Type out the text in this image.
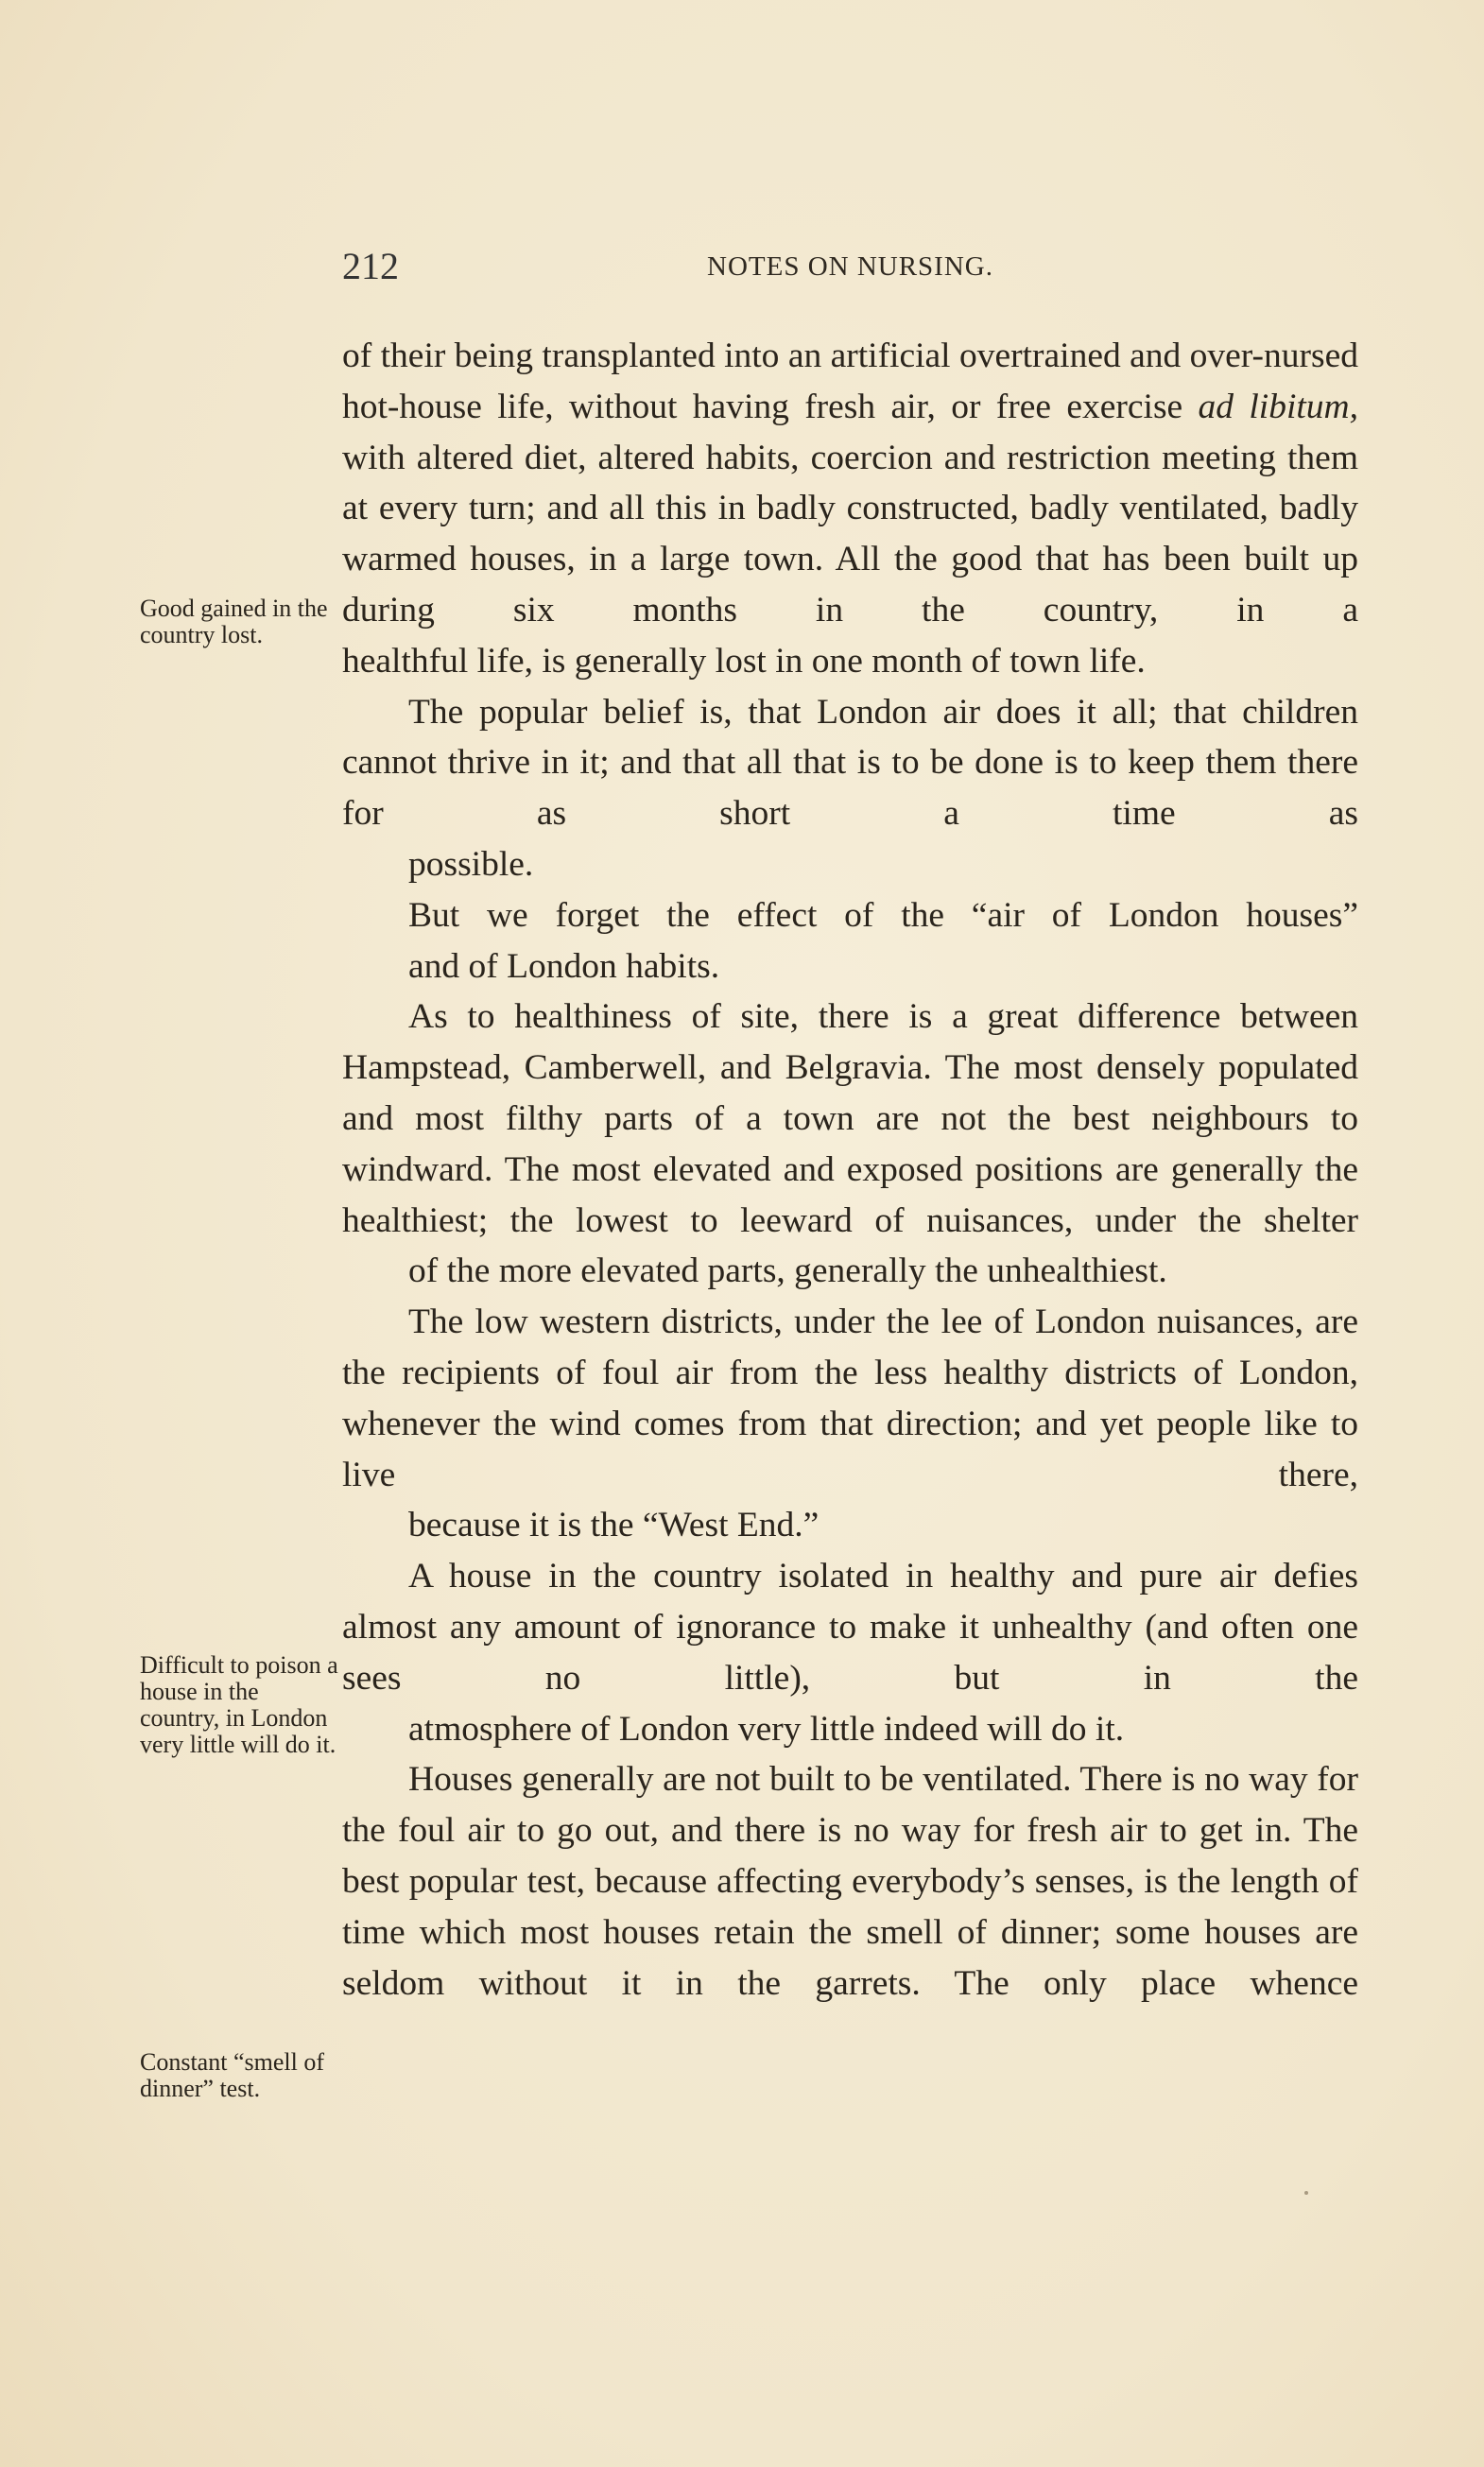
212	NOTES ON NURSING.
Good gained in the country lost.
Difficult to poison a house in the country, in London very little will do it.
Constant “smell of dinner” test.

of their being transplanted into an artificial overtrained and over-nursed hot-house life, without having fresh air, or free exercise ad libitum, with altered diet, altered habits, coercion and restriction meeting them at every turn; and all this in badly constructed, badly ventilated, badly warmed houses, in a large town. All the good that has been built up during six months in the country, in a
healthful life, is generally lost in one month of town life.

The popular belief is, that London air does it all; that children cannot thrive in it; and that all that is to be done is to keep them there for as short a time as
possible.

But we forget the effect of the “air of London houses”
and of London habits.

As to healthiness of site, there is a great difference between Hampstead, Camberwell, and Belgravia. The most densely populated and most filthy parts of a town are not the best neighbours to windward. The most elevated and exposed positions are generally the healthiest; the lowest to leeward of nuisances, under the shelter
of the more elevated parts, generally the unhealthiest.

The low western districts, under the lee of London nuisances, are the recipients of foul air from the less healthy districts of London, whenever the wind comes from that direction; and yet people like to live there,
because it is the “West End.”

A house in the country isolated in healthy and pure air defies almost any amount of ignorance to make it unhealthy (and often one sees no little), but in the
atmosphere of London very little indeed will do it.

Houses generally are not built to be ventilated. There is no way for the foul air to go out, and there is no way for fresh air to get in. The best popular test, because affecting everybody’s senses, is the length of time which most houses retain the smell of dinner; some houses are seldom without it in the garrets. The only place whence
